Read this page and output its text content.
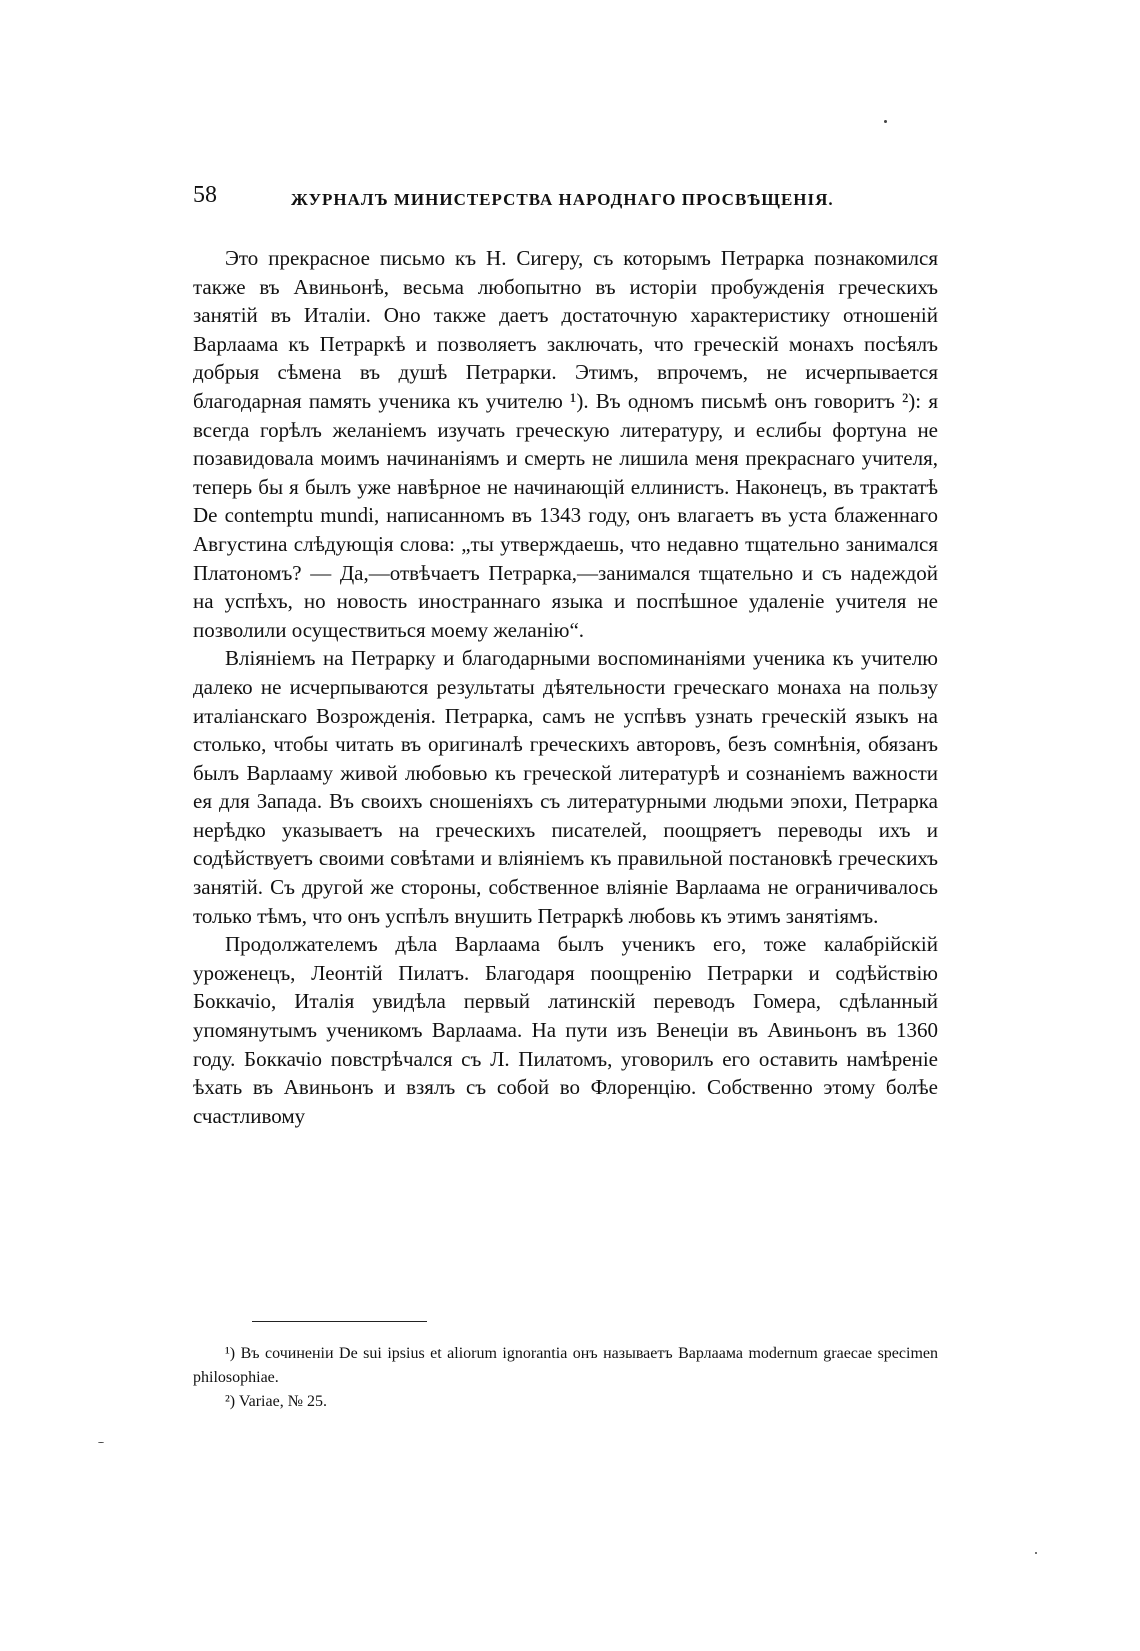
58	ЖУРНАЛЪ МИНИСТЕРСТВА НАРОДНАГО ПРОСВѢЩЕНІЯ.

Это прекрасное письмо къ Н. Сигеру, съ которымъ Петрарка познакомился также въ Авиньонѣ, весьма любопытно въ исторіи пробужденія греческихъ занятій въ Италіи. Оно также даетъ достаточную характеристику отношеній Варлаама къ Петраркѣ и позволяетъ заключать, что греческій монахъ посѣялъ добрыя сѣмена въ душѣ Петрарки. Этимъ, впрочемъ, не исчерпывается благодарная память ученика къ учителю ¹). Въ одномъ письмѣ онъ говоритъ ²): я всегда горѣлъ желаніемъ изучать греческую литературу, и еслибы фортуна не позавидовала моимъ начинаніямъ и смерть не лишила меня прекраснаго учителя, теперь бы я былъ уже навѣрное не начинающій еллинистъ. Наконецъ, въ трактатѣ De contemptu mundi, написанномъ въ 1343 году, онъ влагаетъ въ уста блаженнаго Августина слѣдующія слова: „ты утверждаешь, что недавно тщательно занимался Платономъ? — Да,—отвѣчаетъ Петрарка,—занимался тщательно и съ надеждой на успѣхъ, но новость иностраннаго языка и поспѣшное удаленіе учителя не позволили осуществиться моему желанію“.

Вліяніемъ на Петрарку и благодарными воспоминаніями ученика къ учителю далеко не исчерпываются результаты дѣятельности греческаго монаха на пользу италіанскаго Возрожденія. Петрарка, самъ не успѣвъ узнать греческій языкъ на столько, чтобы читать въ оригиналѣ греческихъ авторовъ, безъ сомнѣнія, обязанъ былъ Варлааму живой любовью къ греческой литературѣ и сознаніемъ важности ея для Запада. Въ своихъ сношеніяхъ съ литературными людьми эпохи, Петрарка нерѣдко указываетъ на греческихъ писателей, поощряетъ переводы ихъ и содѣйствуетъ своими совѣтами и вліяніемъ къ правильной постановкѣ греческихъ занятій. Съ другой же стороны, собственное вліяніе Варлаама не ограничивалось только тѣмъ, что онъ успѣлъ внушить Петраркѣ любовь къ этимъ занятіямъ.

Продолжателемъ дѣла Варлаама былъ ученикъ его, тоже калабрійскій уроженецъ, Леонтій Пилатъ. Благодаря поощренію Петрарки и содѣйствію Боккачіо, Италія увидѣла первый латинскій переводъ Гомера, сдѣланный упомянутымъ ученикомъ Варлаама. На пути изъ Венеціи въ Авиньонъ въ 1360 году. Боккачіо повстрѣчался съ Л. Пилатомъ, уговорилъ его оставить намѣреніе ѣхать въ Авиньонъ и взялъ съ собой во Флоренцію. Собственно этому болѣе счастливому

¹) Въ сочиненіи De sui ipsius et aliorum ignorantia онъ называетъ Варлаама modernum graecae specimen philosophiae.

²) Variae, № 25.
